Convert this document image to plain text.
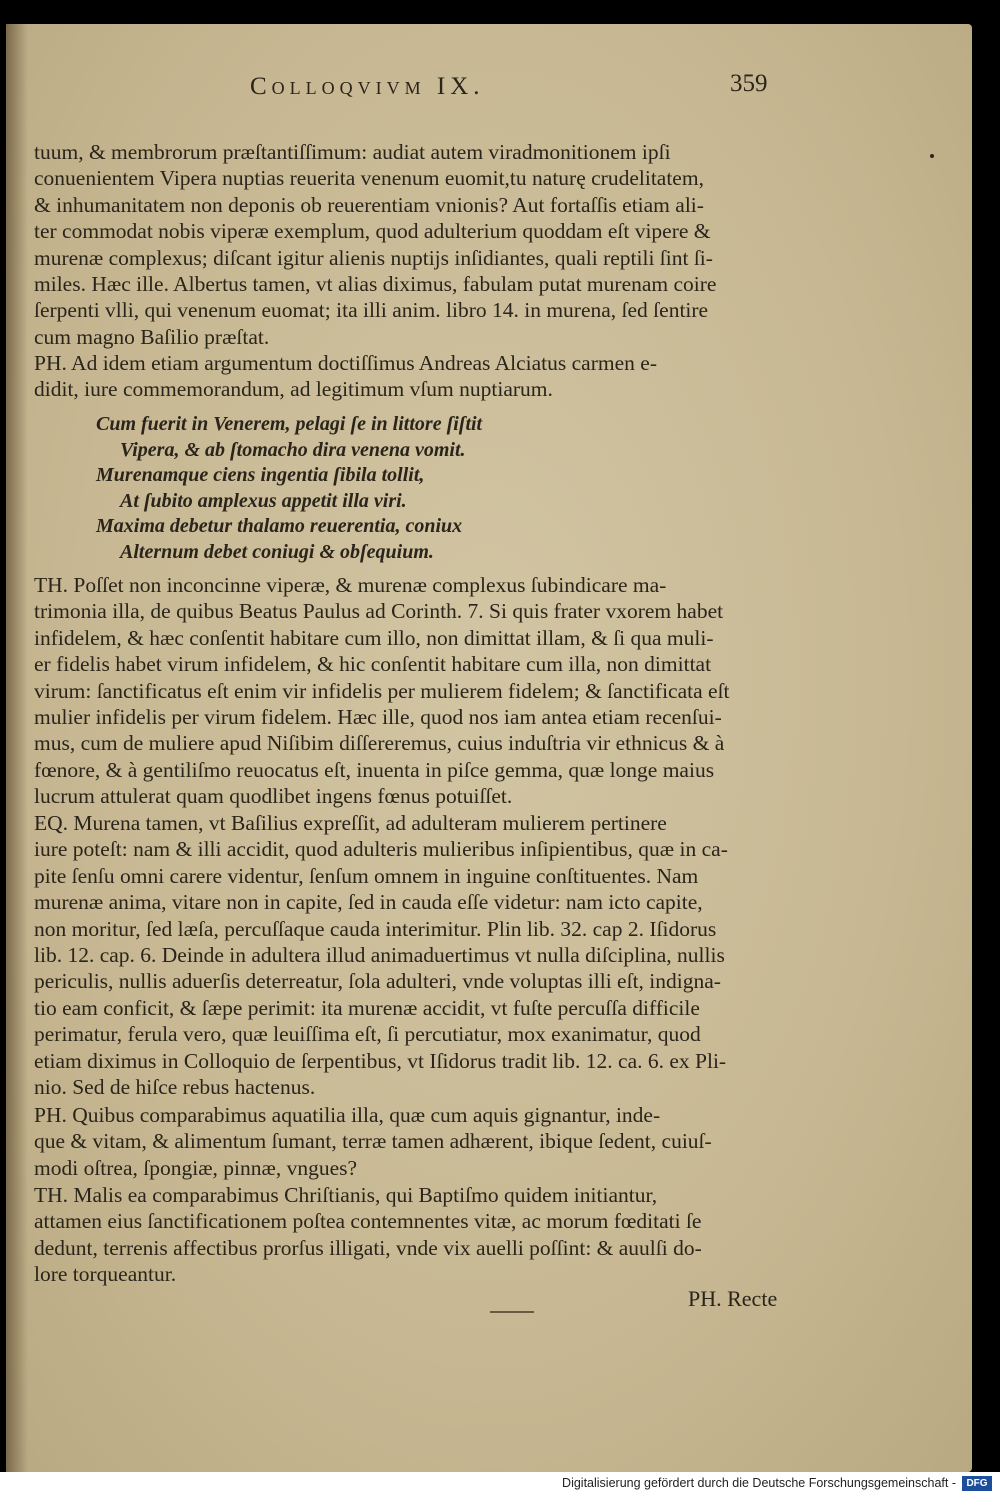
Colloqvivm IX.	359
tuum, & membrorum præſtantiſſimum: audiat autem viradmonitionem ipſi
conuenientem Vipera nuptias reuerita venenum euomit,tu naturę crudelitatem,
& inhumanitatem non deponis ob reuerentiam vnionis? Aut fortaſſis etiam ali-
ter commodat nobis viperæ exemplum, quod adulterium quoddam eſt vipere &
murenæ complexus; diſcant igitur alienis nuptijs inſidiantes, quali reptili ſint ſi-
miles. Hæc ille. Albertus tamen, vt alias diximus, fabulam putat murenam coire
ſerpenti vlli, qui venenum euomat; ita illi anim. libro 14. in murena, ſed ſentire
cum magno Baſilio præſtat.
PH. Ad idem etiam argumentum doctiſſimus Andreas Alciatus carmen e-
didit, iure commemorandum, ad legitimum vſum nuptiarum.
Cum fuerit in Venerem, pelagi ſe in littore ſiſtit
Vipera, & ab ſtomacho dira venena vomit.
Murenamque ciens ingentia ſibila tollit,
At ſubito amplexus appetit illa viri.
Maxima debetur thalamo reuerentia, coniux
Alternum debet coniugi & obſequium.
TH. Poſſet non inconcinne viperæ, & murenæ complexus ſubindicare ma-
trimonia illa, de quibus Beatus Paulus ad Corinth. 7. Si quis frater vxorem habet
infidelem, & hæc conſentit habitare cum illo, non dimittat illam, & ſi qua muli-
er fidelis habet virum infidelem, & hic conſentit habitare cum illa, non dimittat
virum: ſanctificatus eſt enim vir infidelis per mulierem fidelem; & ſanctificata eſt
mulier infidelis per virum fidelem. Hæc ille, quod nos iam antea etiam recenſui-
mus, cum de muliere apud Niſibim diſſereremus, cuius induſtria vir ethnicus & à
fœnore, & à gentiliſmo reuocatus eſt, inuenta in piſce gemma, quæ longe maius
lucrum attulerat quam quodlibet ingens fœnus potuiſſet.
EQ. Murena tamen, vt Baſilius expreſſit, ad adulteram mulierem pertinere
iure poteſt: nam & illi accidit, quod adulteris mulieribus inſipientibus, quæ in ca-
pite ſenſu omni carere videntur, ſenſum omnem in inguine conſtituentes. Nam
murenæ anima, vitare non in capite, ſed in cauda eſſe videtur: nam icto capite,
non moritur, ſed læſa, percuſſaque cauda interimitur. Plin lib. 32. cap 2. Iſidorus
lib. 12. cap. 6. Deinde in adultera illud animaduertimus vt nulla diſciplina, nullis
periculis, nullis aduerſis deterreatur, ſola adulteri, vnde voluptas illi eſt, indigna-
tio eam conficit, & ſæpe perimit: ita murenæ accidit, vt fuſte percuſſa difficile
perimatur, ferula vero, quæ leuiſſima eſt, ſi percutiatur, mox exanimatur, quod
etiam diximus in Colloquio de ſerpentibus, vt Iſidorus tradit lib. 12. ca. 6. ex Pli-
nio. Sed de hiſce rebus hactenus.
PH. Quibus comparabimus aquatilia illa, quæ cum aquis gignantur, inde-
que & vitam, & alimentum ſumant, terræ tamen adhærent, ibique ſedent, cuiuſ-
modi oſtrea, ſpongiæ, pinnæ, vngues?
TH. Malis ea comparabimus Chriſtianis, qui Baptiſmo quidem initiantur,
attamen eius ſanctificationem poſtea contemnentes vitæ, ac morum fœditati ſe
dedunt, terrenis affectibus prorſus illigati, vnde vix auelli poſſint: & auulſi do-
lore torqueantur.
PH. Recte
Digitalisierung gefördert durch die Deutsche Forschungsgemeinschaft -	DFG
